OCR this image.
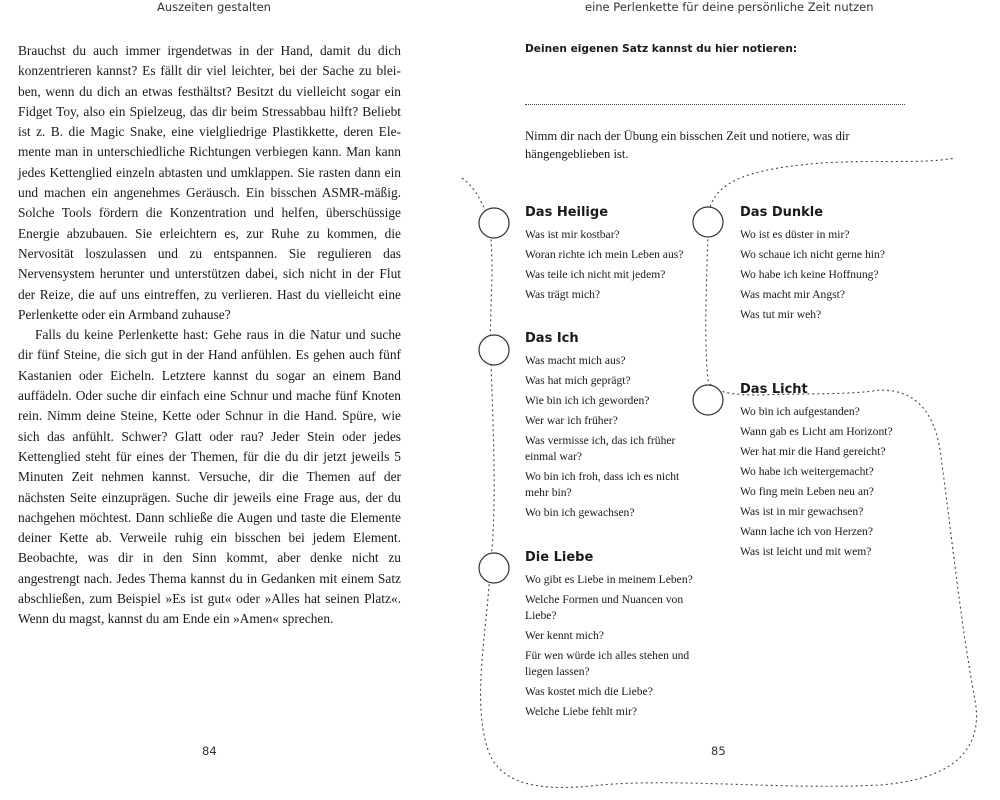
Auszeiten gestalten	eine Perlenkette für deine persönliche Zeit nutzen

Brauchst du auch immer irgendetwas in der Hand, damit du dich konzentrieren kannst? Es fällt dir viel leichter, bei der Sache zu bleiben, wenn du dich an etwas festhältst? Besitzt du vielleicht sogar ein Fidget Toy, also ein Spielzeug, das dir beim Stressabbau hilft? Beliebt ist z. B. die Magic Snake, eine vielgliedrige Plastikkette, deren Elemente man in unterschiedliche Richtungen verbiegen kann. Man kann jedes Kettenglied einzeln abtasten und umklappen. Sie rasten dann ein und machen ein angenehmes Geräusch. Ein bisschen ASMR-mäßig. Solche Tools fördern die Konzentration und helfen, überschüssige Energie abzubauen. Sie erleichtern es, zur Ruhe zu kommen, die Nervosität loszulassen und zu entspannen. Sie regulieren das Nervensystem herunter und unterstützen dabei, sich nicht in der Flut der Reize, die auf uns eintreffen, zu verlieren. Hast du vielleicht eine Perlenkette oder ein Armband zuhause?

Falls du keine Perlenkette hast: Gehe raus in die Natur und suche dir fünf Steine, die sich gut in der Hand anfühlen. Es gehen auch fünf Kastanien oder Eicheln. Letztere kannst du sogar an einem Band auffädeln. Oder suche dir einfach eine Schnur und mache fünf Knoten rein. Nimm deine Steine, Kette oder Schnur in die Hand. Spüre, wie sich das anfühlt. Schwer? Glatt oder rau? Jeder Stein oder jedes Kettenglied steht für eines der Themen, für die du dir jetzt jeweils 5 Minuten Zeit nehmen kannst. Versuche, dir die Themen auf der nächsten Seite einzuprägen. Suche dir jeweils eine Frage aus, der du nachgehen möchtest. Dann schließe die Augen und taste die Elemente deiner Kette ab. Verweile ruhig ein bisschen bei jedem Element. Beobachte, was dir in den Sinn kommt, aber denke nicht zu angestrengt nach. Jedes Thema kannst du in Gedanken mit einem Satz abschließen, zum Beispiel »Es ist gut« oder »Alles hat seinen Platz«. Wenn du magst, kannst du am Ende ein »Amen« sprechen.

84
Deinen eigenen Satz kannst du hier notieren:
Nimm dir nach der Übung ein bisschen Zeit und notiere, was dir hängengeblieben ist.
Das Heilige
Was ist mir kostbar?
Woran richte ich mein Leben aus?
Was teile ich nicht mit jedem?
Was trägt mich?
Das Ich
Was macht mich aus?
Was hat mich geprägt?
Wie bin ich ich geworden?
Wer war ich früher?
Was vermisse ich, das ich früher einmal war?
Wo bin ich froh, dass ich es nicht mehr bin?
Wo bin ich gewachsen?
Die Liebe
Wo gibt es Liebe in meinem Leben?
Welche Formen und Nuancen von Liebe?
Wer kennt mich?
Für wen würde ich alles stehen und liegen lassen?
Was kostet mich die Liebe?
Welche Liebe fehlt mir?
Das Dunkle
Wo ist es düster in mir?
Wo schaue ich nicht gerne hin?
Wo habe ich keine Hoffnung?
Was macht mir Angst?
Was tut mir weh?
Das Licht
Wo bin ich aufgestanden?
Wann gab es Licht am Horizont?
Wer hat mir die Hand gereicht?
Wo habe ich weitergemacht?
Wo fing mein Leben neu an?
Was ist in mir gewachsen?
Wann lache ich von Herzen?
Was ist leicht und mit wem?
85
